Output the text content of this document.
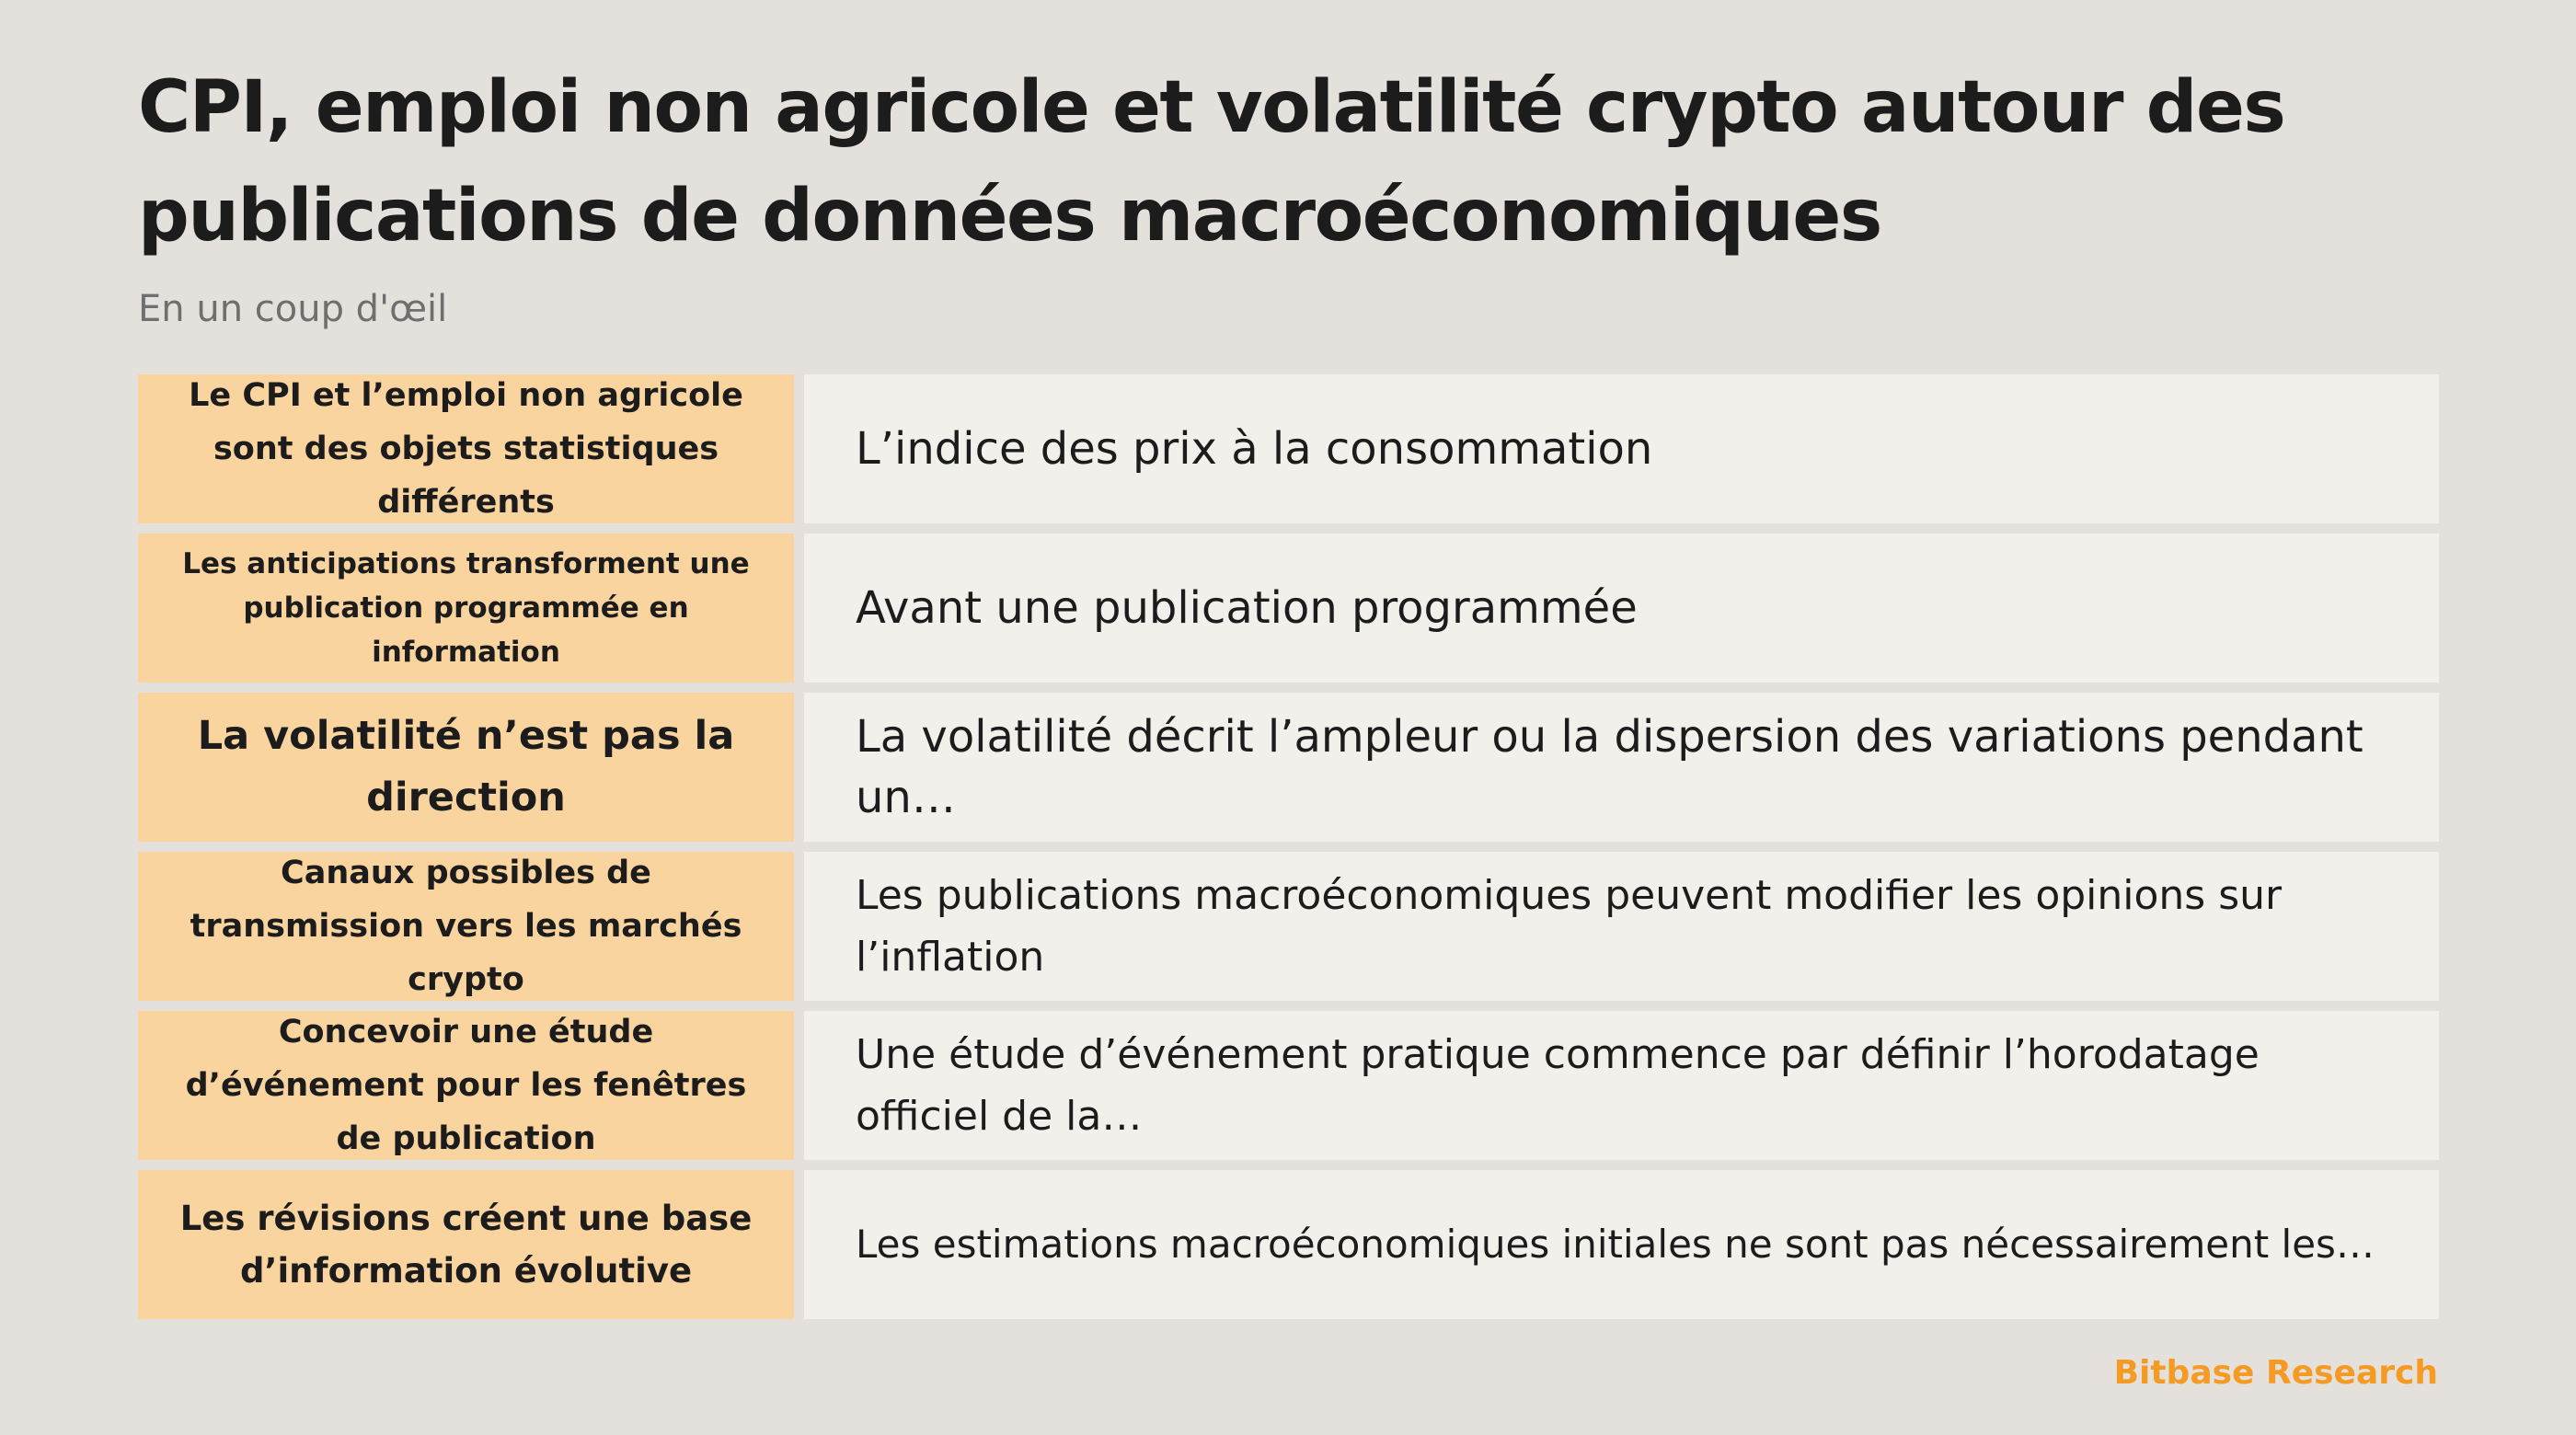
CPI, emploi non agricole et volatilité crypto autour des publications de données macroéconomiques

En un coup d'œil

Le CPI et l’emploi non agricole sont des objets statistiques différents
L’indice des prix à la consommation
Les anticipations transforment une publication programmée en information
Avant une publication programmée
La volatilité n’est pas la direction
La volatilité décrit l’ampleur ou la dispersion des variations pendant un…
Canaux possibles de transmission vers les marchés crypto
Les publications macroéconomiques peuvent modifier les opinions sur l’inflation
Concevoir une étude d’événement pour les fenêtres de publication
Une étude d’événement pratique commence par définir l’horodatage officiel de la…
Les révisions créent une base d’information évolutive
Les estimations macroéconomiques initiales ne sont pas nécessairement les…

Bitbase Research
